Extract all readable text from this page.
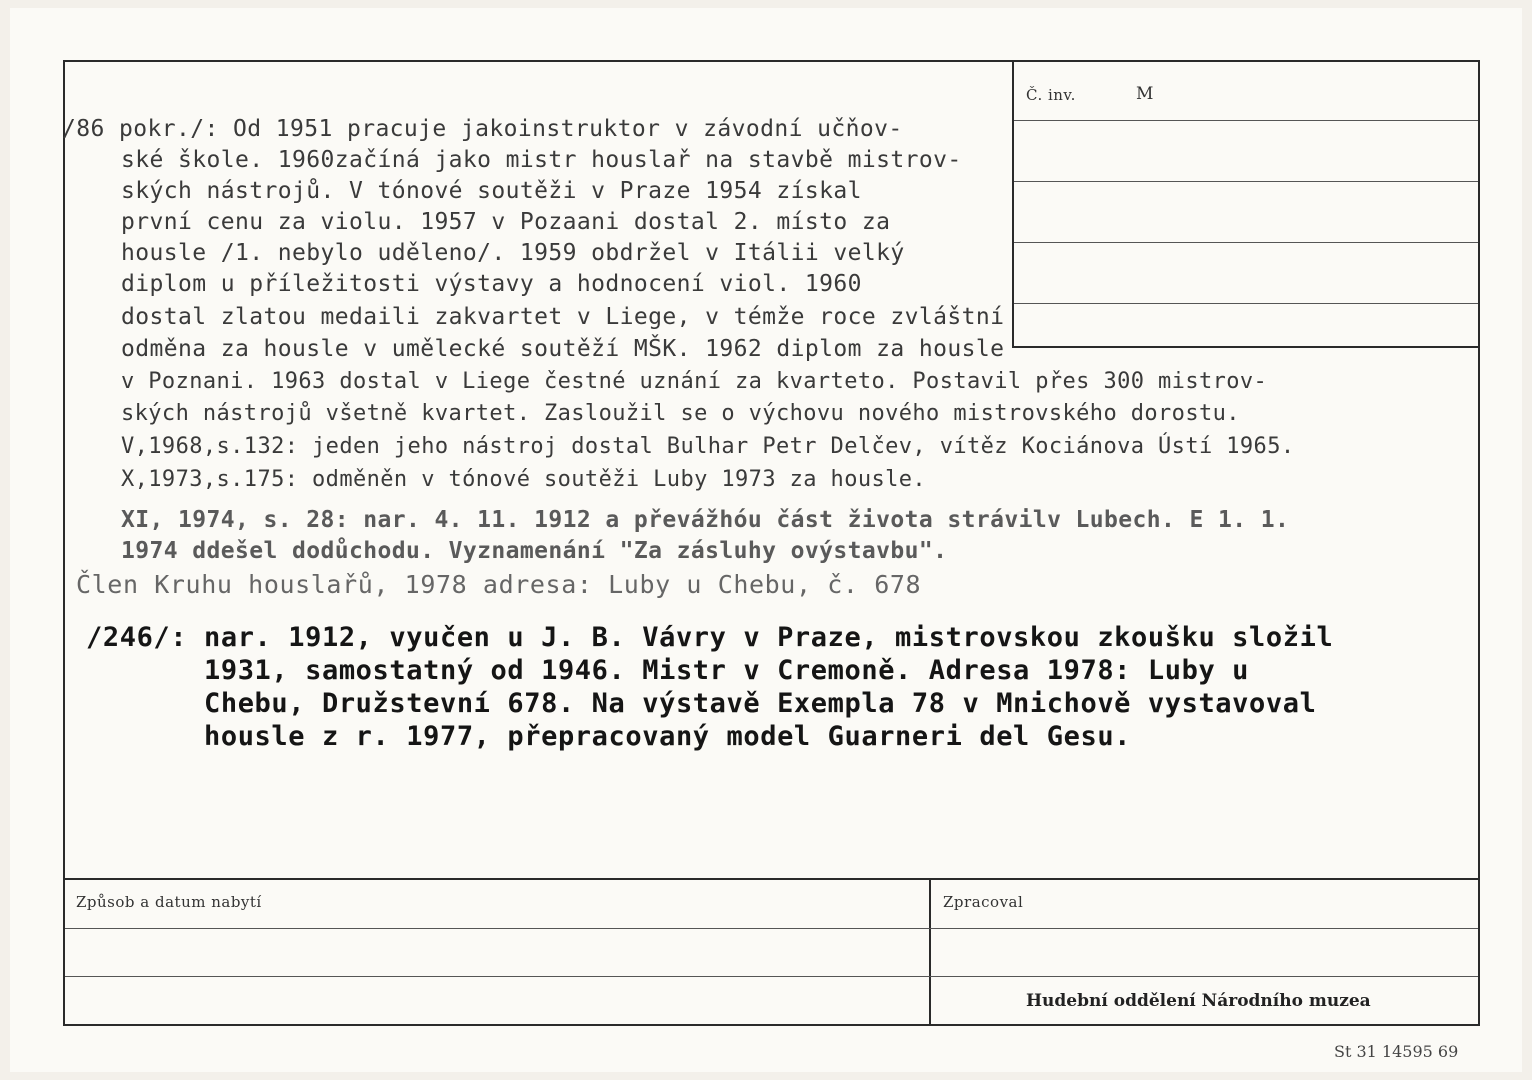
Č. inv.	M
Způsob a datum nabytí	Zpracoval
Hudební oddělení Národního muzea
St 31 14595 69
/86 pokr./: Od 1951 pracuje jakoinstruktor v závodní učňov-
ské škole. 1960začíná jako mistr houslař na stavbě mistrov-
ských nástrojů. V tónové soutěži v Praze 1954 získal
první cenu za violu. 1957 v Pozaani dostal 2. místo za
housle /1. nebylo uděleno/. 1959 obdržel v Itálii velký
diplom u příležitosti výstavy a hodnocení viol. 1960
dostal zlatou medaili zakvartet v Liege, v témže roce zvláštní
odměna za housle v umělecké soutěží MŠK. 1962 diplom za housle
v Poznani. 1963 dostal v Liege čestné uznání za kvarteto. Postavil přes 300 mistrov-
ských nástrojů všetně kvartet. Zasloužil se o výchovu nového mistrovského dorostu.
V,1968,s.132: jeden jeho nástroj dostal Bulhar Petr Delčev, vítěz Kociánova Ústí 1965.
X,1973,s.175: odměněn v tónové soutěži Luby 1973 za housle.
XI, 1974, s. 28: nar. 4. 11. 1912 a převážhóu část života strávilv Lubech. E 1. 1.
1974 ddešel dodůchodu. Vyznamenání "Za zásluhy ovýstavbu".
Člen Kruhu houslařů, 1978 adresa: Luby u Chebu, č. 678
/246/: nar. 1912, vyučen u J. B. Vávry v Praze, mistrovskou zkoušku složil
1931, samostatný od 1946. Mistr v Cremoně. Adresa 1978: Luby u
Chebu, Družstevní 678. Na výstavě Exempla 78 v Mnichově vystavoval
housle z r. 1977, přepracovaný model Guarneri del Gesu.
